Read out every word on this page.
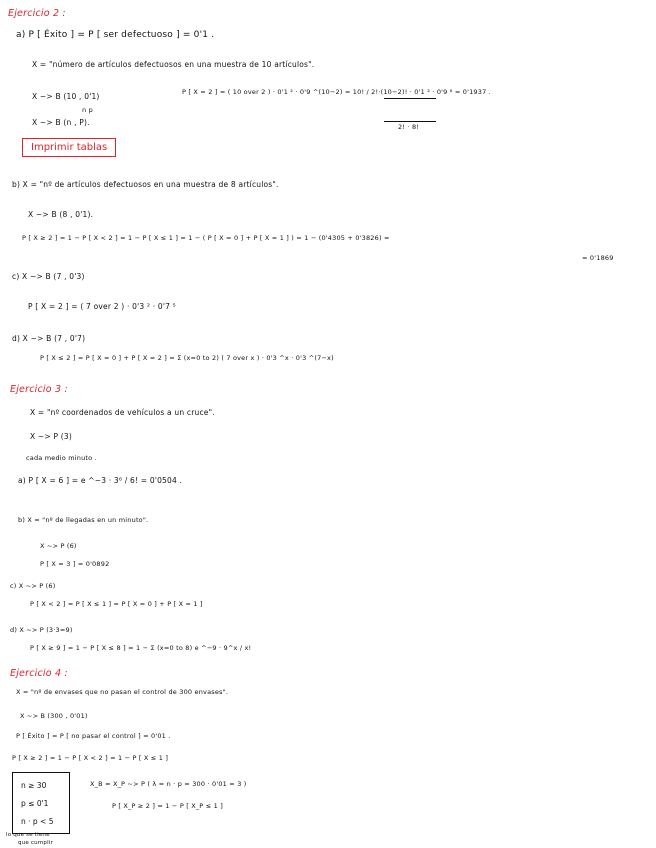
Ejercicio 2 :
a) P [ Éxito ] = P [ ser defectuoso ] = 0'1 .
X = "número de artículos defectuosos en una muestra de 10 artículos".
X ~> B (10 , 0'1)
n p
P [ X = 2 ] = ( 10 over 2 ) · 0'1 ² · 0'9 ^(10−2) = 10! / 2!·(10−2)! · 0'1 ² · 0'9 ⁸ = 0'1937 .
2! · 8!
X ~> B (n , P).
Imprimir tablas
b) X = "nº de artículos defectuosos en una muestra de 8 artículos".
X ~> B (8 , 0'1).
P [ X ≥ 2 ] = 1 − P [ X < 2 ] = 1 − P [ X ≤ 1 ] = 1 − ( P [ X = 0 ] + P [ X = 1 ] ) = 1 − (0'4305 + 0'3826) =
= 0'1869
c) X ~> B (7 , 0'3)
P [ X = 2 ] = ( 7 over 2 ) · 0'3 ² · 0'7 ⁵
d) X ~> B (7 , 0'7)
P [ X ≤ 2 ] = P [ X = 0 ] + P [ X = 2 ] = Σ (x=0 to 2) ( 7 over x ) · 0'3 ^x · 0'3 ^(7−x)
Ejercicio 3 :
X = "nº coordenados de vehículos a un cruce".
X ~> P (3)
cada medio minuto .
a) P [ X = 6 ] = e ^−3 · 3⁶ / 6! = 0'0504 .
b) X = "nº de llegadas en un minuto".
X ~> P (6)
P [ X = 3 ] = 0'0892
c) X ~> P (6)
P [ X < 2 ] = P [ X ≤ 1 ] = P [ X = 0 ] + P [ X = 1 ]
d) X ~> P (3·3=9)
P [ X ≥ 9 ] = 1 − P [ X ≤ 8 ] = 1 − Σ (x=0 to 8) e ^−9 · 9^x / x!
Ejercicio 4 :
X = "nº de envases que no pasan el control de 300 envases".
X ~> B (300 , 0'01)
P [ Éxito ] = P [ no pasar el control ] = 0'01 .
P [ X ≥ 2 ] = 1 − P [ X < 2 ] = 1 − P [ X ≤ 1 ]
n ≥ 30
p ≤ 0'1
n · p < 5
lo que se tiene
que cumplir
X_B ≈ X_P ~> P ( λ = n · p = 300 · 0'01 = 3 )
P [ X_P ≥ 2 ] = 1 − P [ X_P ≤ 1 ]
